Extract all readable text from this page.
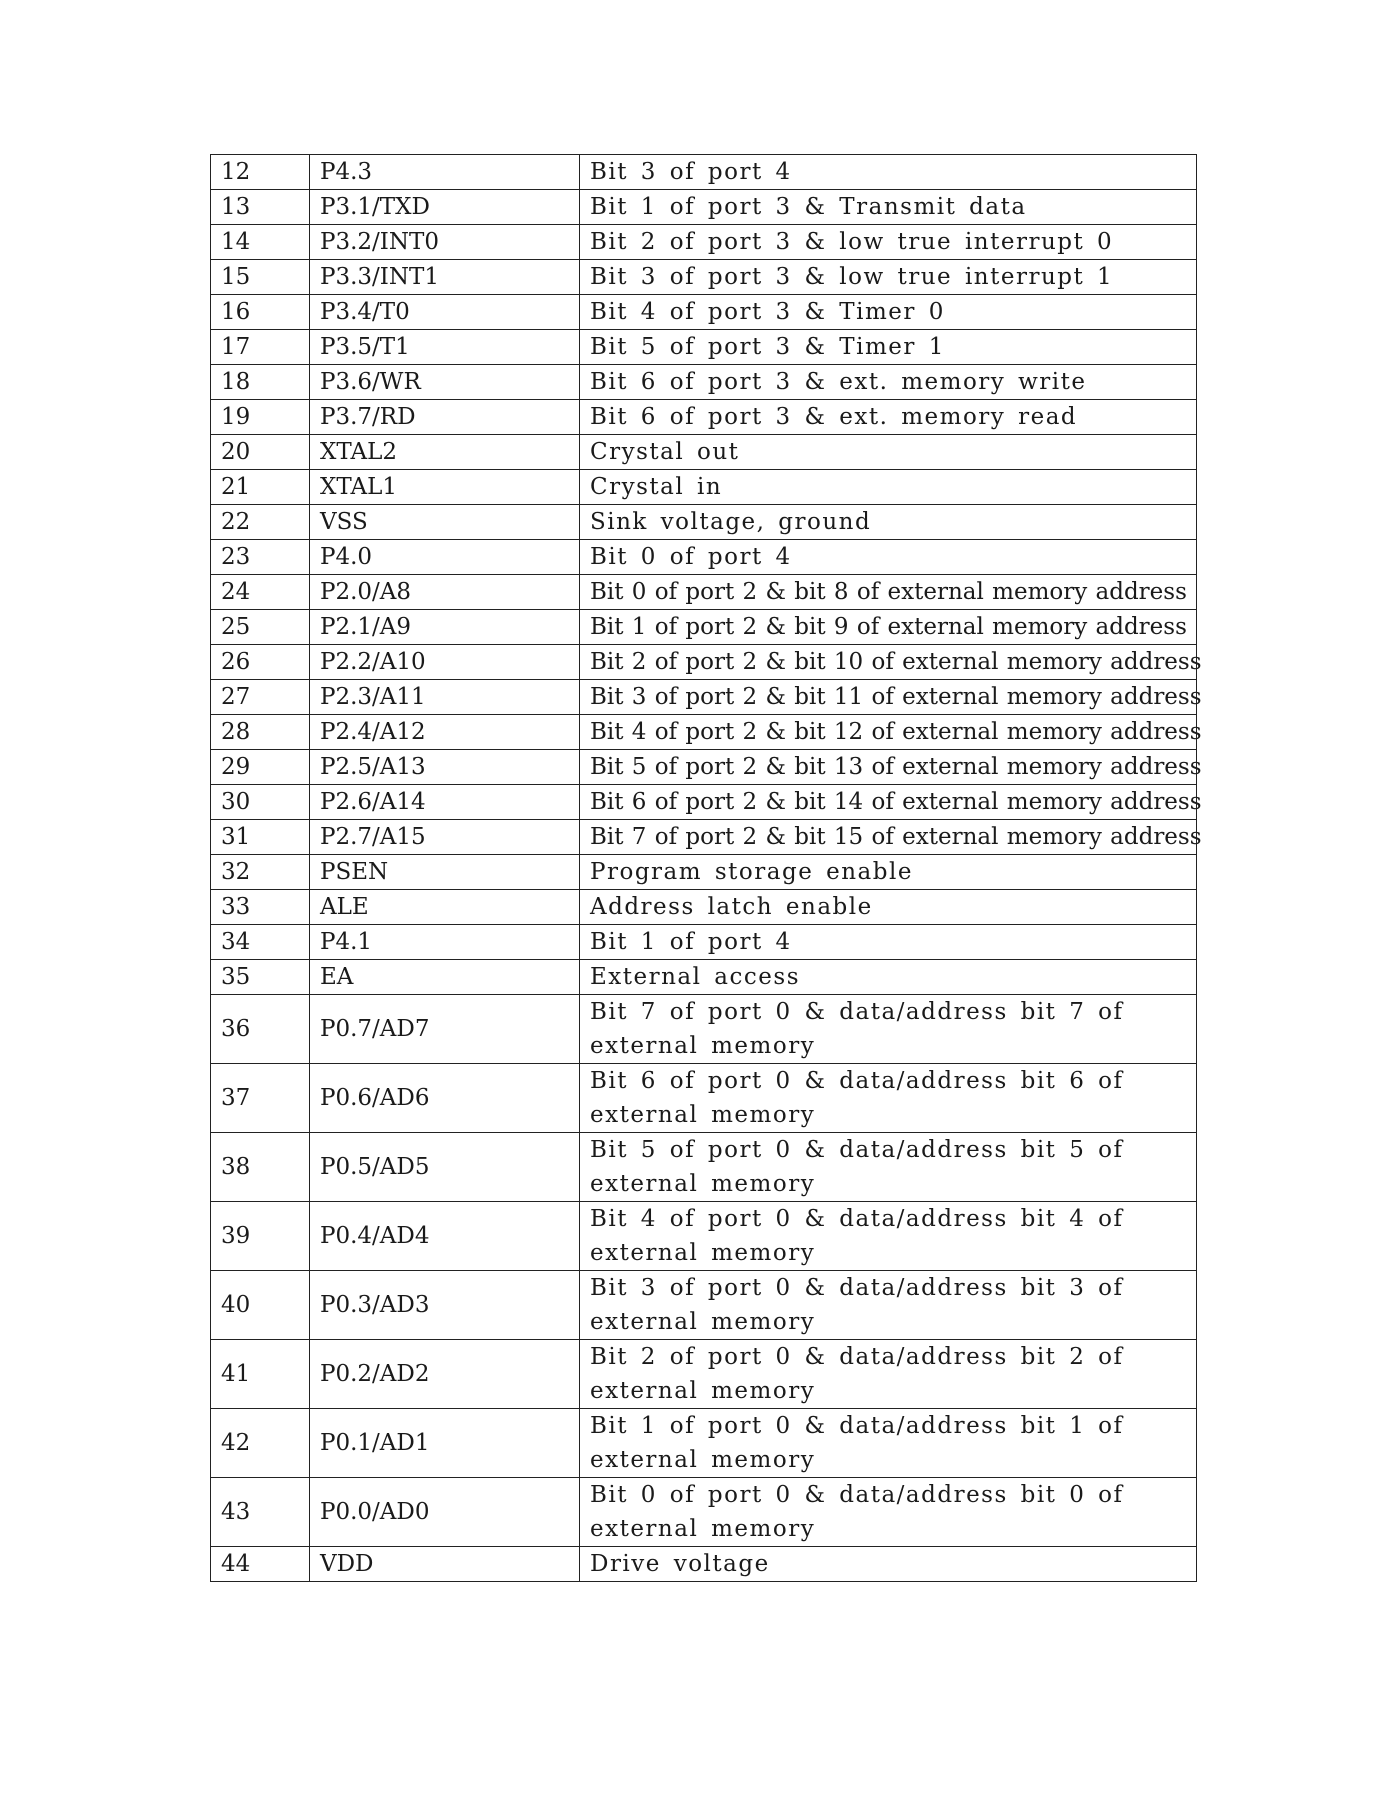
12	P4.3	Bit 3 of port 4
13	P3.1/TXD	Bit 1 of port 3 & Transmit data
14	P3.2/INT0	Bit 2 of port 3 & low true interrupt 0
15	P3.3/INT1	Bit 3 of port 3 & low true interrupt 1
16	P3.4/T0	Bit 4 of port 3 & Timer 0
17	P3.5/T1	Bit 5 of port 3 & Timer 1
18	P3.6/WR	Bit 6 of port 3 & ext. memory write
19	P3.7/RD	Bit 6 of port 3 & ext. memory read
20	XTAL2	Crystal out
21	XTAL1	Crystal in
22	VSS	Sink voltage, ground
23	P4.0	Bit 0 of port 4
24	P2.0/A8	Bit 0 of port 2 & bit 8 of external memory address
25	P2.1/A9	Bit 1 of port 2 & bit 9 of external memory address
26	P2.2/A10	Bit 2 of port 2 & bit 10 of external memory address
27	P2.3/A11	Bit 3 of port 2 & bit 11 of external memory address
28	P2.4/A12	Bit 4 of port 2 & bit 12 of external memory address
29	P2.5/A13	Bit 5 of port 2 & bit 13 of external memory address
30	P2.6/A14	Bit 6 of port 2 & bit 14 of external memory address
31	P2.7/A15	Bit 7 of port 2 & bit 15 of external memory address
32	PSEN	Program storage enable
33	ALE	Address latch enable
34	P4.1	Bit 1 of port 4
35	EA	External access
36	P0.7/AD7	Bit 7 of port 0 & data/address bit 7 of external memory
37	P0.6/AD6	Bit 6 of port 0 & data/address bit 6 of external memory
38	P0.5/AD5	Bit 5 of port 0 & data/address bit 5 of external memory
39	P0.4/AD4	Bit 4 of port 0 & data/address bit 4 of external memory
40	P0.3/AD3	Bit 3 of port 0 & data/address bit 3 of external memory
41	P0.2/AD2	Bit 2 of port 0 & data/address bit 2 of external memory
42	P0.1/AD1	Bit 1 of port 0 & data/address bit 1 of external memory
43	P0.0/AD0	Bit 0 of port 0 & data/address bit 0 of external memory
44	VDD	Drive voltage
